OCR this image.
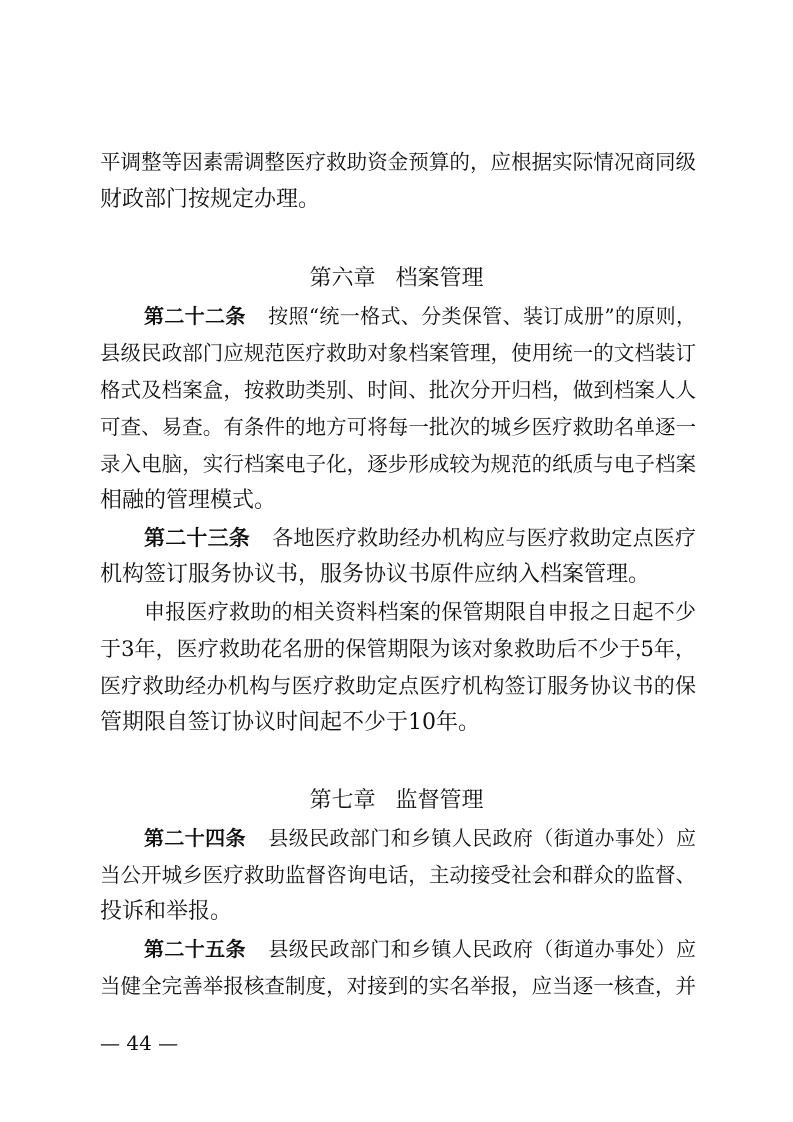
平调整等因素需调整医疗救助资金预算的，应根据实际情况商同级

财政部门按规定办理。

第六章 档案管理
第二十二条 按照“统一格式、分类保管、装订成册”的原则，

县级民政部门应规范医疗救助对象档案管理，使用统一的文档装订

格式及档案盒，按救助类别、时间、批次分开归档，做到档案人人

可查、易查。有条件的地方可将每一批次的城乡医疗救助名单逐一

录入电脑，实行档案电子化，逐步形成较为规范的纸质与电子档案

相融的管理模式。

第二十三条 各地医疗救助经办机构应与医疗救助定点医疗

机构签订服务协议书，服务协议书原件应纳入档案管理。

申报医疗救助的相关资料档案的保管期限自申报之日起不少

于3年，医疗救助花名册的保管期限为该对象救助后不少于5年，

医疗救助经办机构与医疗救助定点医疗机构签订服务协议书的保

管期限自签订协议时间起不少于10年。

第七章 监督管理
第二十四条 县级民政部门和乡镇人民政府（街道办事处）应

当公开城乡医疗救助监督咨询电话，主动接受社会和群众的监督、

投诉和举报。

第二十五条 县级民政部门和乡镇人民政府（街道办事处）应

当健全完善举报核查制度，对接到的实名举报，应当逐一核查，并

— 44 —
